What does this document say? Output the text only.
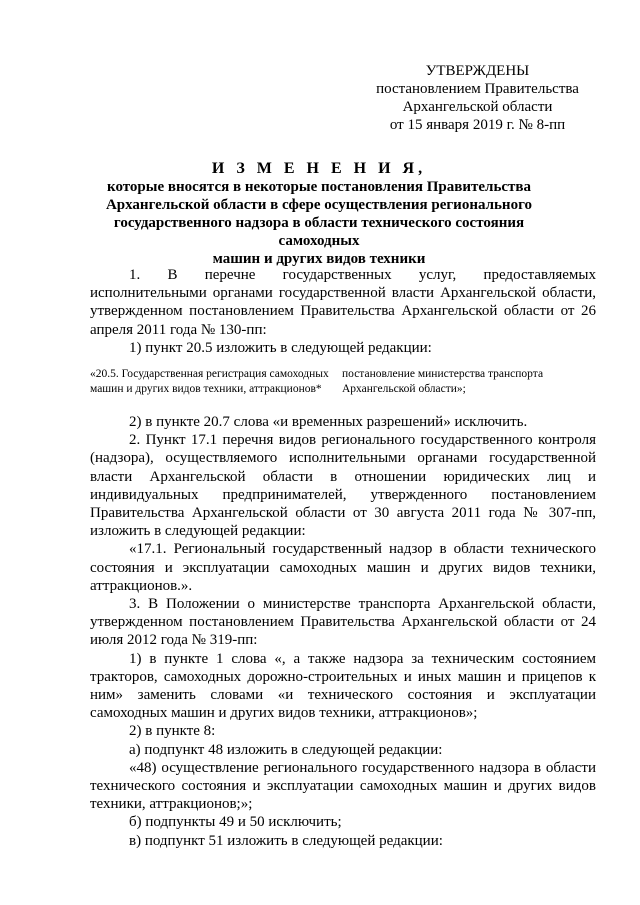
УТВЕРЖДЕНЫ
постановлением Правительства
Архангельской области
от 15 января 2019 г. № 8-пп
И З М Е Н Е Н И Я,
которые вносятся в некоторые постановления Правительства
Архангельской области в сфере осуществления регионального
государственного надзора в области технического состояния самоходных
машин и других видов техники

1. В перечне государственных услуг, предоставляемых исполнительными органами государственной власти Архангельской области, утвержденном постановлением Правительства Архангельской области от 26 апреля 2011 года № 130-пп:

1) пункт 20.5 изложить в следующей редакции:

«20.5. Государственная регистрация самоходных машин и других видов техники, аттракционов*
постановление министерства транспорта Архангельской области»;

2) в пункте 20.7 слова «и временных разрешений» исключить.

2. Пункт 17.1 перечня видов регионального государственного контроля (надзора), осуществляемого исполнительными органами государственной власти Архангельской области в отношении юридических лиц и индивидуальных предпринимателей, утвержденного постановлением Правительства Архангельской области от 30 августа 2011 года № 307-пп, изложить в следующей редакции:

«17.1. Региональный государственный надзор в области технического состояния и эксплуатации самоходных машин и других видов техники, аттракционов.».

3. В Положении о министерстве транспорта Архангельской области, утвержденном постановлением Правительства Архангельской области от 24 июля 2012 года № 319-пп:

1) в пункте 1 слова «, а также надзора за техническим состоянием тракторов, самоходных дорожно-строительных и иных машин и прицепов к ним» заменить словами «и технического состояния и эксплуатации самоходных машин и других видов техники, аттракционов»;

2) в пункте 8:

а) подпункт 48 изложить в следующей редакции:

«48) осуществление регионального государственного надзора в области технического состояния и эксплуатации самоходных машин и других видов техники, аттракционов;»;

б) подпункты 49 и 50 исключить;

в) подпункт 51 изложить в следующей редакции:
